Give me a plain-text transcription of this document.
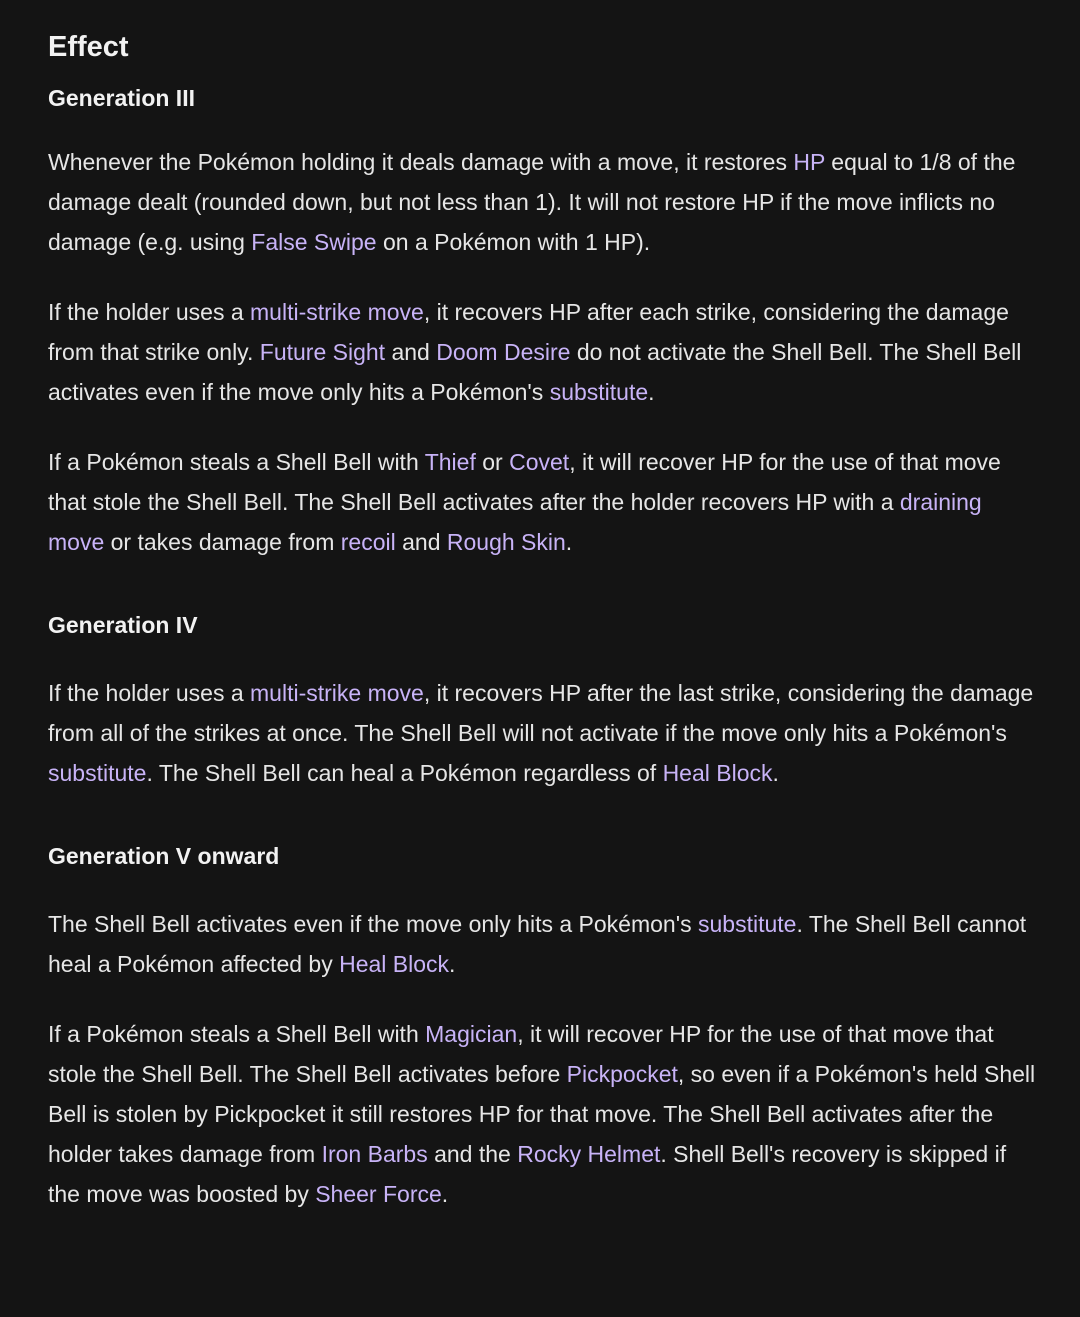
Effect
Generation III

Whenever the Pokémon holding it deals damage with a move, it restores HP equal to 1/8 of the damage dealt (rounded down, but not less than 1). It will not restore HP if the move inflicts no damage (e.g. using False Swipe on a Pokémon with 1 HP).

If the holder uses a multi-strike move, it recovers HP after each strike, considering the damage from that strike only. Future Sight and Doom Desire do not activate the Shell Bell. The Shell Bell activates even if the move only hits a Pokémon's substitute.

If a Pokémon steals a Shell Bell with Thief or Covet, it will recover HP for the use of that move that stole the Shell Bell. The Shell Bell activates after the holder recovers HP with a draining move or takes damage from recoil and Rough Skin.

Generation IV

If the holder uses a multi-strike move, it recovers HP after the last strike, considering the damage from all of the strikes at once. The Shell Bell will not activate if the move only hits a Pokémon's substitute. The Shell Bell can heal a Pokémon regardless of Heal Block.

Generation V onward

The Shell Bell activates even if the move only hits a Pokémon's substitute. The Shell Bell cannot heal a Pokémon affected by Heal Block.

If a Pokémon steals a Shell Bell with Magician, it will recover HP for the use of that move that stole the Shell Bell. The Shell Bell activates before Pickpocket, so even if a Pokémon's held Shell Bell is stolen by Pickpocket it still restores HP for that move. The Shell Bell activates after the holder takes damage from Iron Barbs and the Rocky Helmet. Shell Bell's recovery is skipped if the move was boosted by Sheer Force.
